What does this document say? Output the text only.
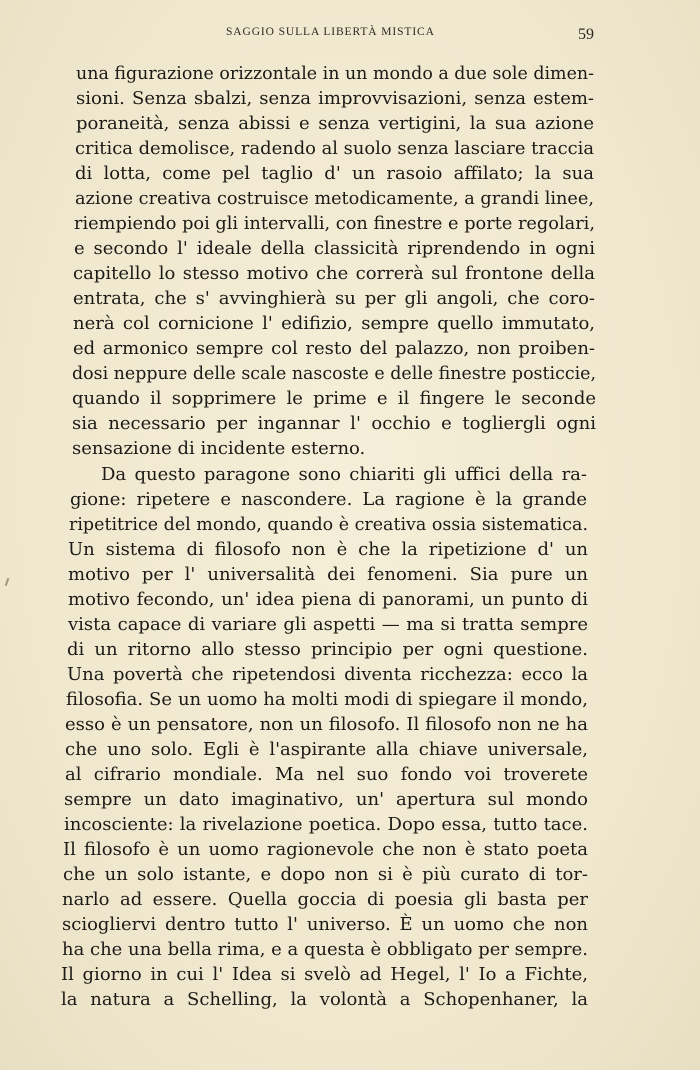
SAGGIO SULLA LIBERTÀ MISTICA	59
una figurazione orizzontale in un mondo a due sole dimen-
sioni. Senza sbalzi, senza improvvisazioni, senza estem-
poraneità, senza abissi e senza vertigini, la sua azione
critica demolisce, radendo al suolo senza lasciare traccia
di lotta, come pel taglio d' un rasoio affilato; la sua
azione creativa costruisce metodicamente, a grandi linee,
riempiendo poi gli intervalli, con finestre e porte regolari,
e secondo l' ideale della classicità riprendendo in ogni
capitello lo stesso motivo che correrà sul frontone della
entrata, che s' avvinghierà su per gli angoli, che coro-
nerà col cornicione l' edifizio, sempre quello immutato,
ed armonico sempre col resto del palazzo, non proiben-
dosi neppure delle scale nascoste e delle finestre posticcie,
quando il sopprimere le prime e il fingere le seconde
sia necessario per ingannar l' occhio e togliergli ogni
sensazione di incidente esterno.
Da questo paragone sono chiariti gli uffici della ra-
gione: ripetere e nascondere. La ragione è la grande
ripetitrice del mondo, quando è creativa ossia sistematica.
Un sistema di filosofo non è che la ripetizione d' un
motivo per l' universalità dei fenomeni. Sia pure un
motivo fecondo, un' idea piena di panorami, un punto di
vista capace di variare gli aspetti — ma si tratta sempre
di un ritorno allo stesso principio per ogni questione.
Una povertà che ripetendosi diventa ricchezza: ecco la
filosofia. Se un uomo ha molti modi di spiegare il mondo,
esso è un pensatore, non un filosofo. Il filosofo non ne ha
che uno solo. Egli è l'aspirante alla chiave universale,
al cifrario mondiale. Ma nel suo fondo voi troverete
sempre un dato imaginativo, un' apertura sul mondo
incosciente: la rivelazione poetica. Dopo essa, tutto tace.
Il filosofo è un uomo ragionevole che non è stato poeta
che un solo istante, e dopo non si è più curato di tor-
narlo ad essere. Quella goccia di poesia gli basta per
sciogliervi dentro tutto l' universo. È un uomo che non
ha che una bella rima, e a questa è obbligato per sempre.
Il giorno in cui l' Idea si svelò ad Hegel, l' Io a Fichte,
la natura a Schelling, la volontà a Schopenhaner, la
